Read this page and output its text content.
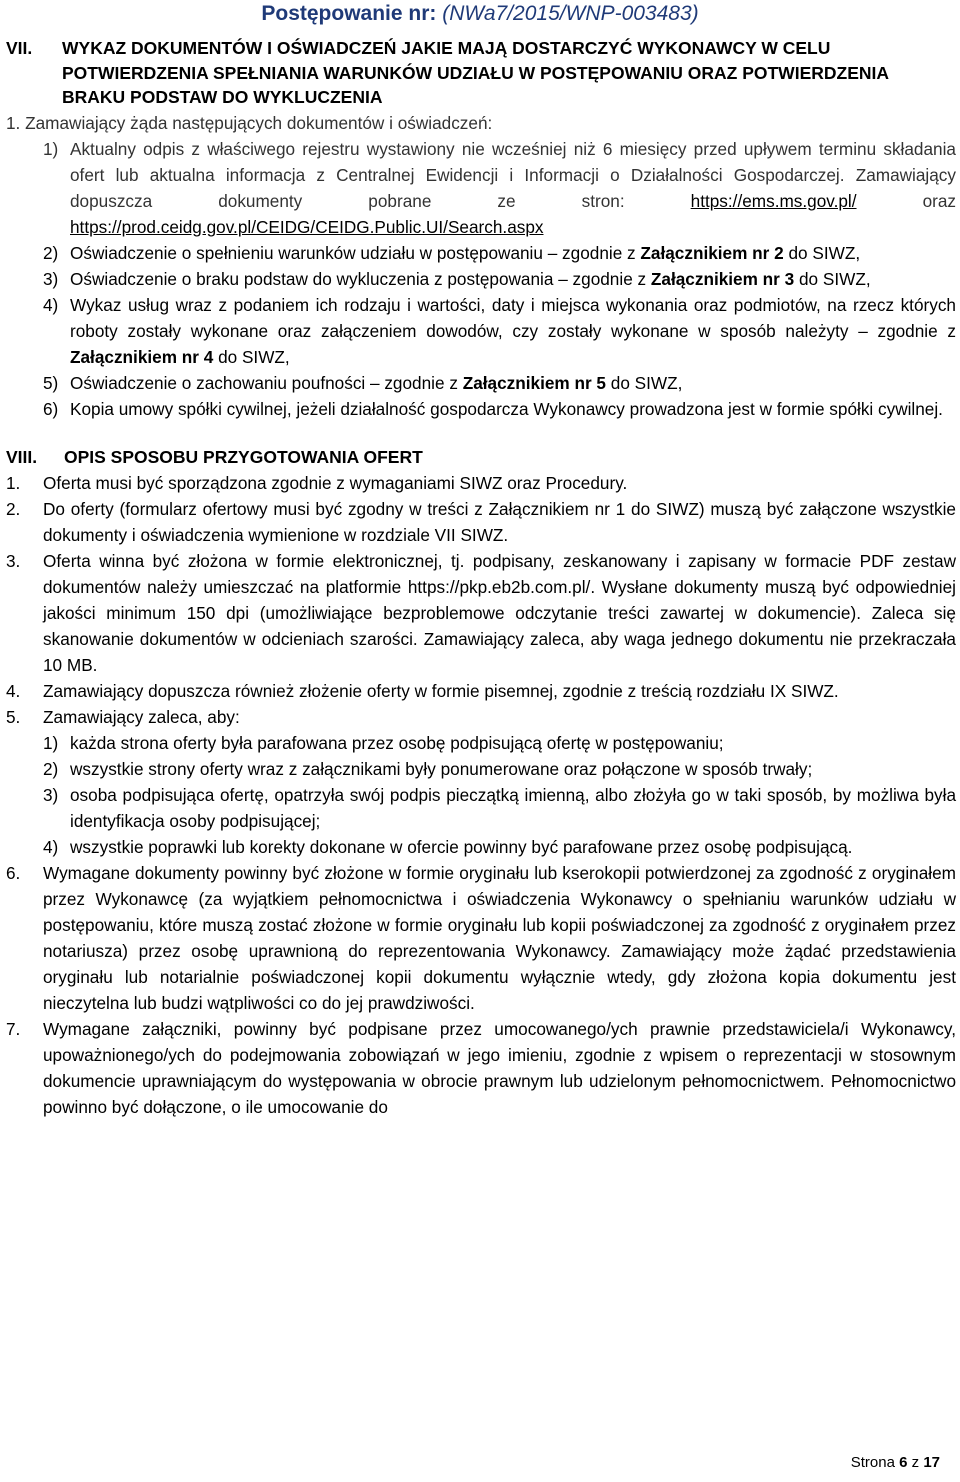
Postępowanie nr: (NWa7/2015/WNP-003483)
VII. WYKAZ DOKUMENTÓW I OŚWIADCZEŃ JAKIE MAJĄ DOSTARCZYĆ WYKONAWCY W CELU POTWIERDZENIA SPEŁNIANIA WARUNKÓW UDZIAŁU W POSTĘPOWANIU ORAZ POTWIERDZENIA BRAKU PODSTAW DO WYKLUCZENIA
1. Zamawiający żąda następujących dokumentów i oświadczeń:
1) Aktualny odpis z właściwego rejestru wystawiony nie wcześniej niż 6 miesięcy przed upływem terminu składania ofert lub aktualna informacja z Centralnej Ewidencji i Informacji o Działalności Gospodarczej. Zamawiający dopuszcza dokumenty pobrane ze stron:	https://ems.ms.gov.pl/	oraz https://prod.ceidg.gov.pl/CEIDG/CEIDG.Public.UI/Search.aspx
2) Oświadczenie o spełnieniu warunków udziału w postępowaniu – zgodnie z Załącznikiem nr 2 do SIWZ,
3) Oświadczenie o braku podstaw do wykluczenia z postępowania – zgodnie z Załącznikiem nr 3 do SIWZ,
4) Wykaz usług wraz z podaniem ich rodzaju i wartości, daty i miejsca wykonania oraz podmiotów, na rzecz których roboty zostały wykonane oraz załączeniem dowodów, czy zostały wykonane w sposób należyty – zgodnie z Załącznikiem nr 4 do SIWZ,
5) Oświadczenie o zachowaniu poufności – zgodnie z Załącznikiem nr 5 do SIWZ,
6) Kopia umowy spółki cywilnej, jeżeli działalność gospodarcza Wykonawcy prowadzona jest w formie spółki cywilnej.
VIII. OPIS SPOSOBU PRZYGOTOWANIA OFERT
1. Oferta musi być sporządzona zgodnie z wymaganiami SIWZ oraz Procedury.
2. Do oferty (formularz ofertowy musi być zgodny w treści z Załącznikiem nr 1 do SIWZ) muszą być załączone wszystkie dokumenty i oświadczenia wymienione w rozdziale VII SIWZ.
3. Oferta winna być złożona w formie elektronicznej, tj. podpisany, zeskanowany i zapisany w formacie PDF zestaw dokumentów należy umieszczać na platformie https://pkp.eb2b.com.pl/. Wysłane dokumenty muszą być odpowiedniej jakości minimum 150 dpi (umożliwiające bezproblemowe odczytanie treści zawartej w dokumencie). Zaleca się skanowanie dokumentów w odcieniach szarości. Zamawiający zaleca, aby waga jednego dokumentu nie przekraczała 10 MB.
4. Zamawiający dopuszcza również złożenie oferty w formie pisemnej, zgodnie z treścią rozdziału IX SIWZ.
5. Zamawiający zaleca, aby:
1) każda strona oferty była parafowana przez osobę podpisującą ofertę w postępowaniu;
2) wszystkie strony oferty wraz z załącznikami były ponumerowane oraz połączone w sposób trwały;
3) osoba podpisująca ofertę, opatrzyła swój podpis pieczątką imienną, albo złożyła go w taki sposób, by możliwa była identyfikacja osoby podpisującej;
4) wszystkie poprawki lub korekty dokonane w ofercie powinny być parafowane przez osobę podpisującą.
6. Wymagane dokumenty powinny być złożone w formie oryginału lub kserokopii potwierdzonej za zgodność z oryginałem przez Wykonawcę (za wyjątkiem pełnomocnictwa i oświadczenia Wykonawcy o spełnianiu warunków udziału w postępowaniu, które muszą zostać złożone w formie oryginału lub kopii poświadczonej za zgodność z oryginałem przez notariusza) przez osobę uprawnioną do reprezentowania Wykonawcy. Zamawiający może żądać przedstawienia oryginału lub notarialnie poświadczonej kopii dokumentu wyłącznie wtedy, gdy złożona kopia dokumentu jest nieczytelna lub budzi wątpliwości co do jej prawdziwości.
7. Wymagane załączniki, powinny być podpisane przez umocowanego/ych prawnie przedstawiciela/i Wykonawcy, upoważnionego/ych do podejmowania zobowiązań w jego imieniu, zgodnie z wpisem o reprezentacji w stosownym dokumencie uprawniającym do występowania w obrocie prawnym lub udzielonym pełnomocnictwem. Pełnomocnictwo powinno być dołączone, o ile umocowanie do
Strona 6 z 17
